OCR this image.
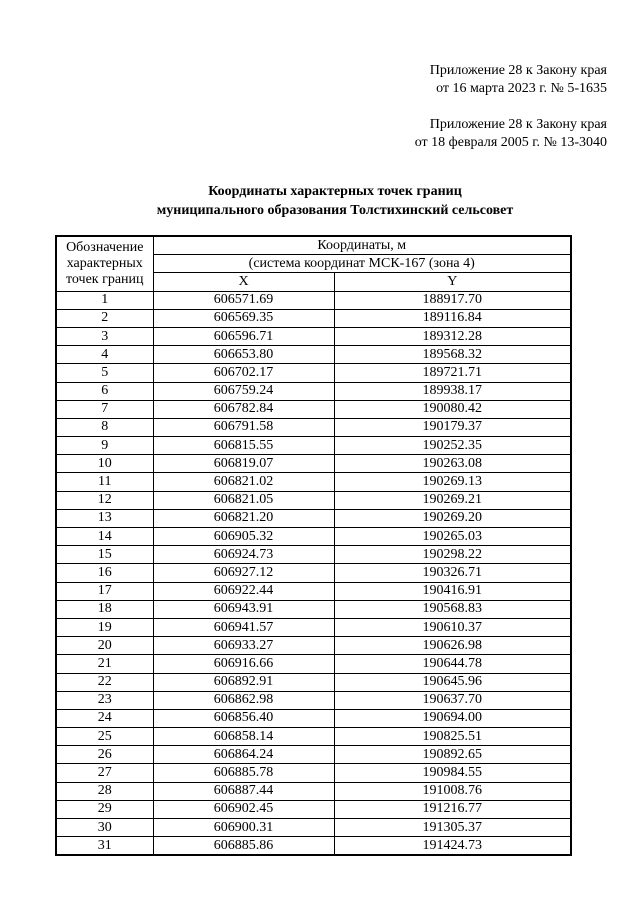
Приложение 28 к Закону края
от 16 марта 2023 г. № 5-1635
Приложение 28 к Закону края
от 18 февраля 2005 г. № 13-3040
Координаты характерных точек границ
муниципального образования Толстихинский сельсовет
Обозначение
характерных
точек границ	Координаты, м	

	(система координат МСК-167 (зона 4)	

	X	Y
1	606571.69	188917.70
2	606569.35	189116.84
3	606596.71	189312.28
4	606653.80	189568.32
5	606702.17	189721.71
6	606759.24	189938.17
7	606782.84	190080.42
8	606791.58	190179.37
9	606815.55	190252.35
10	606819.07	190263.08
11	606821.02	190269.13
12	606821.05	190269.21
13	606821.20	190269.20
14	606905.32	190265.03
15	606924.73	190298.22
16	606927.12	190326.71
17	606922.44	190416.91
18	606943.91	190568.83
19	606941.57	190610.37
20	606933.27	190626.98
21	606916.66	190644.78
22	606892.91	190645.96
23	606862.98	190637.70
24	606856.40	190694.00
25	606858.14	190825.51
26	606864.24	190892.65
27	606885.78	190984.55
28	606887.44	191008.76
29	606902.45	191216.77
30	606900.31	191305.37
31	606885.86	191424.73
